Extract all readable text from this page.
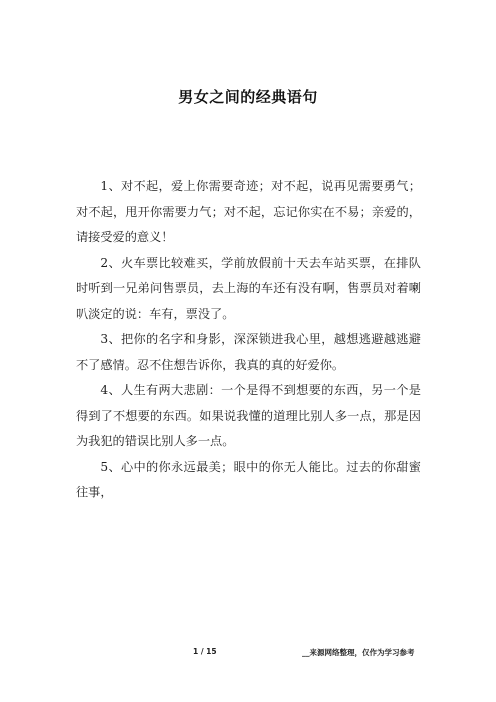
男女之间的经典语句

1、对不起，爱上你需要奇迹；对不起，说再见需要勇气；对不起，甩开你需要力气；对不起，忘记你实在不易；亲爱的，请接受爱的意义！

2、火车票比较难买，学前放假前十天去车站买票，在排队时听到一兄弟问售票员，去上海的车还有没有啊，售票员对着喇叭淡定的说：车有，票没了。

3、把你的名字和身影，深深锁进我心里，越想逃避越逃避不了感情。忍不住想告诉你，我真的真的好爱你。

4、人生有两大悲剧：一个是得不到想要的东西，另一个是得到了不想要的东西。如果说我懂的道理比别人多一点，那是因为我犯的错误比别人多一点。

5、心中的你永远最美；眼中的你无人能比。过去的你甜蜜往事，

1 / 15	__来源网络整理，仅作为学习参考
